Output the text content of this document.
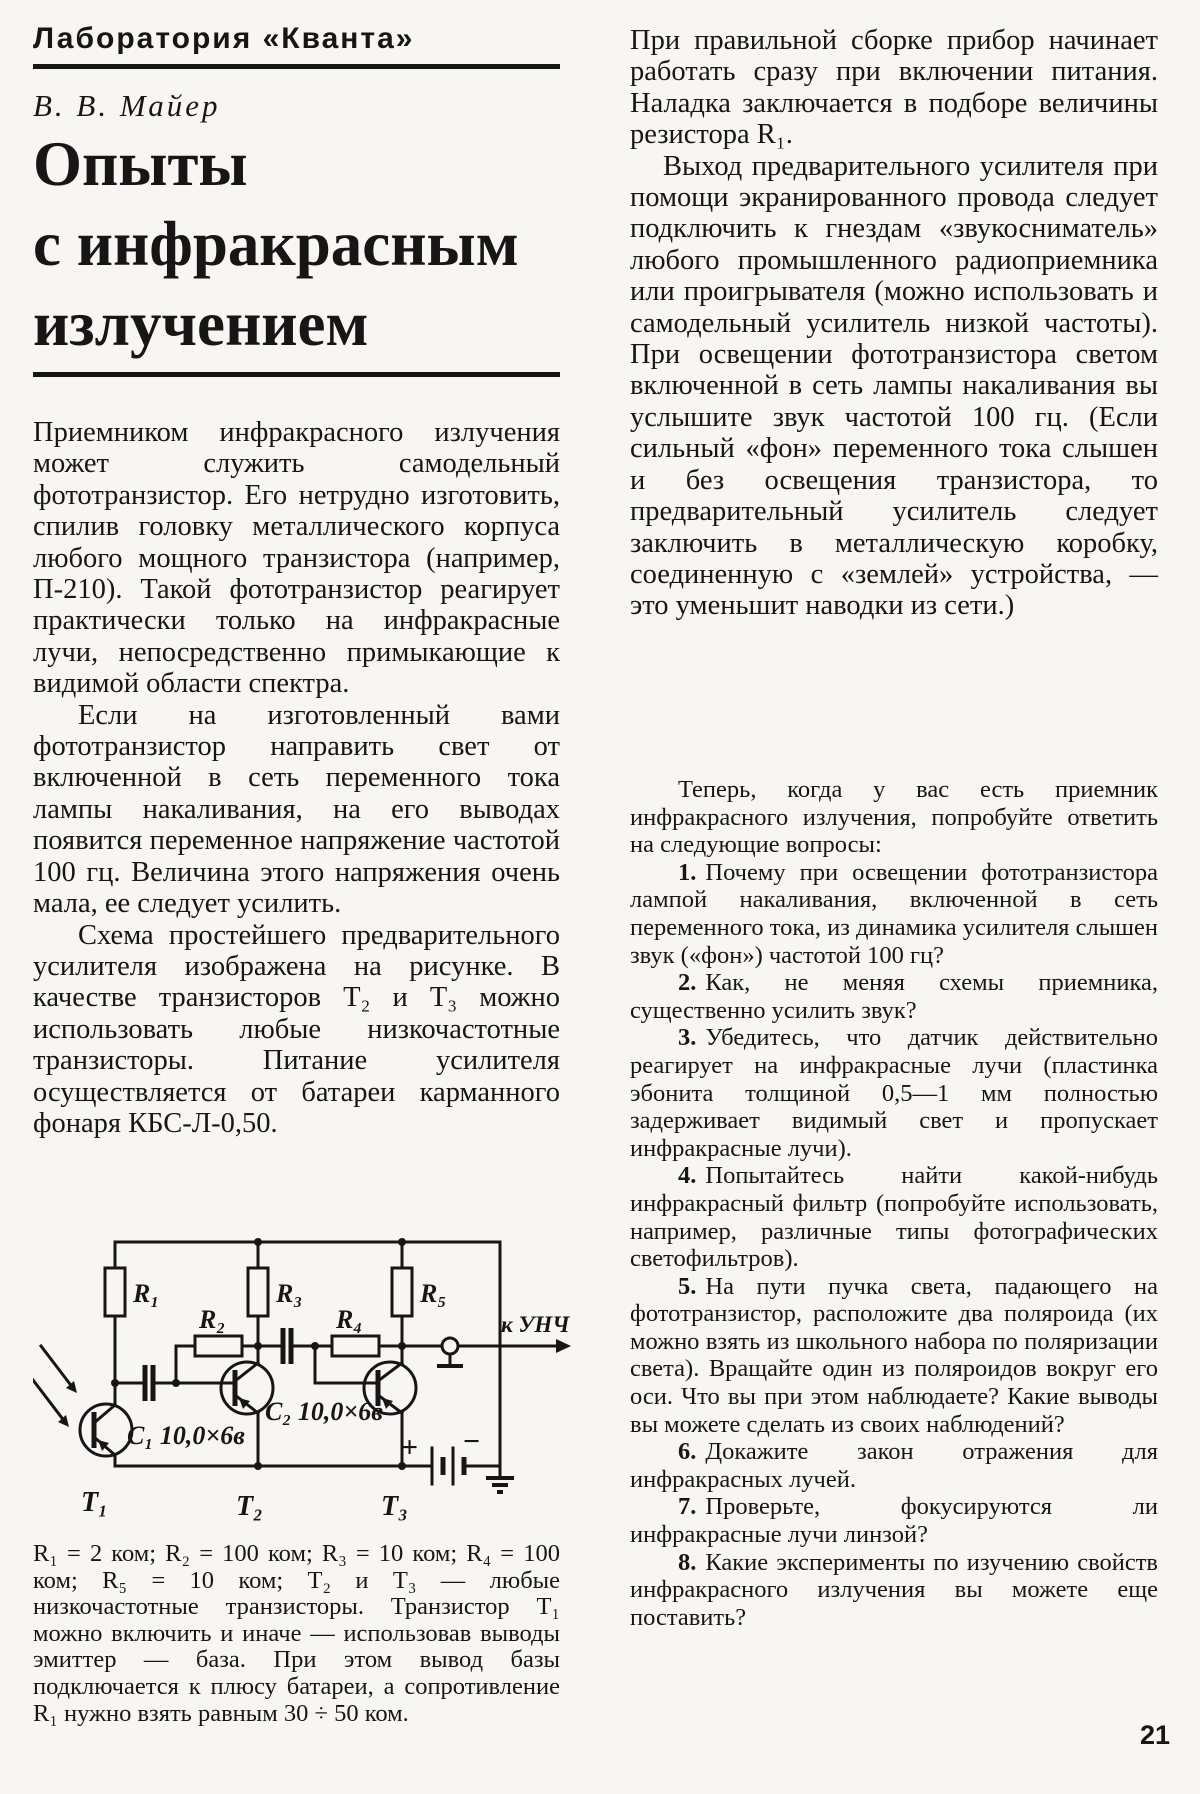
Лаборатория «Кванта»
В. В. Майер
Опыты
с инфракрасным
излучением

Приемником инфракрасного излучения может служить самодельный фототранзистор. Его нетрудно изготовить, спилив головку металлического корпуса любого мощного транзистора (например, П-210). Такой фототранзистор реагирует практически только на инфракрасные лучи, непосредственно примыкающие к видимой области спектра.

Если на изготовленный вами фототранзистор направить свет от включенной в сеть переменного тока лампы накаливания, на его выводах появится переменное напряжение частотой 100 гц. Величина этого напряжения очень мала, ее следует усилить.

Схема простейшего предварительного усилителя изображена на рисунке. В качестве транзисторов Т₂ и Т₃ можно использовать любые низкочастотные транзисторы. Питание усилителя осуществляется от батареи карманного фонаря КБС-Л-0,50.

R₁ = 2 ком; R₂ = 100 ком; R₃ = 10 ком; R₄ = 100 ком; R₅ = 10 ком; Т₂ и Т₃ — любые низкочастотные транзисторы. Транзистор Т₁ можно включить и иначе — использовав выводы эмиттер — база. При этом вывод базы подключается к плюсу батареи, а сопротивление R₁ нужно взять равным 30 ÷ 50 ком.
R₁
R₂
R₃
R₄
R₅
C₁ 10,0×6в
C₂ 10,0×6в
Т₁	Т₂	Т₃
+ −
к УНЧ

При правильной сборке прибор начинает работать сразу при включении питания. Наладка заключается в подборе величины резистора R₁.

Выход предварительного усилителя при помощи экранированного провода следует подключить к гнездам «звукосниматель» любого промышленного радиоприемника или проигрывателя (можно использовать и самодельный усилитель низкой частоты). При освещении фототранзистора светом включенной в сеть лампы накаливания вы услышите звук частотой 100 гц. (Если сильный «фон» переменного тока слышен и без освещения транзистора, то предварительный усилитель следует заключить в металлическую коробку, соединенную с «землей» устройства, — это уменьшит наводки из сети.)

Теперь, когда у вас есть приемник инфракрасного излучения, попробуйте ответить на следующие вопросы:

1. Почему при освещении фототранзистора лампой накаливания, включенной в сеть переменного тока, из динамика усилителя слышен звук («фон») частотой 100 гц?

2. Как, не меняя схемы приемника, существенно усилить звук?

3. Убедитесь, что датчик действительно реагирует на инфракрасные лучи (пластинка эбонита толщиной 0,5—1 мм полностью задерживает видимый свет и пропускает инфракрасные лучи).

4. Попытайтесь найти какой-нибудь инфракрасный фильтр (попробуйте использовать, например, различные типы фотографических светофильтров).

5. На пути пучка света, падающего на фототранзистор, расположите два поляроида (их можно взять из школьного набора по поляризации света). Вращайте один из поляроидов вокруг его оси. Что вы при этом наблюдаете? Какие выводы вы можете сделать из своих наблюдений?

6. Докажите закон отражения для инфракрасных лучей.

7. Проверьте, фокусируются ли инфракрасные лучи линзой?

8. Какие эксперименты по изучению свойств инфракрасного излучения вы можете еще поставить?

21
